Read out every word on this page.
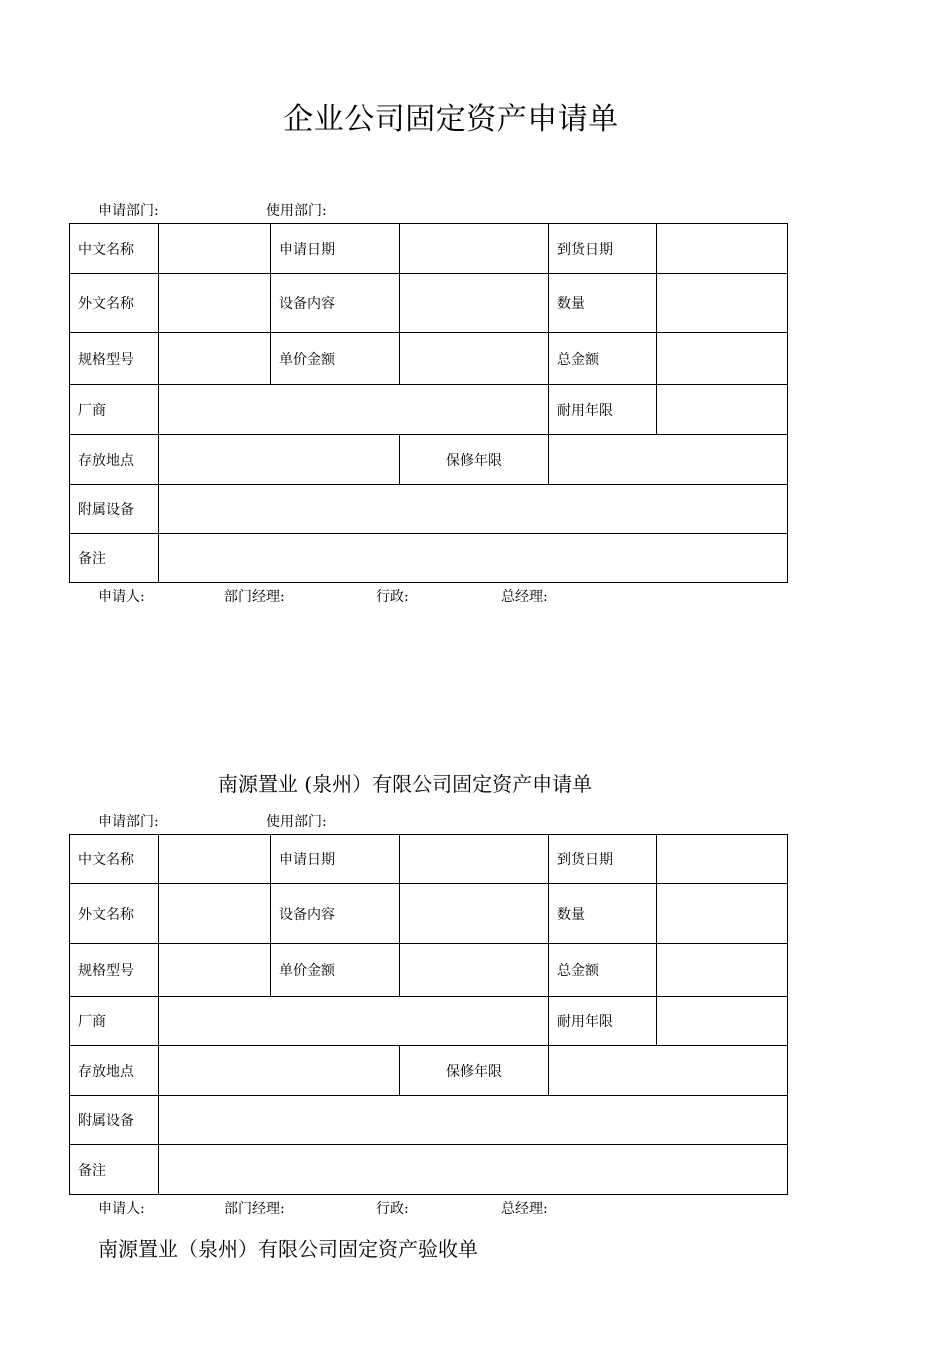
企业公司固定资产申请单
申请部门:	使用部门:
中文名称		申请日期		到货日期	
外文名称		设备内容		数量	
规格型号		单价金额		总金额	
厂商				耐用年限	
存放地点			保修年限		
附属设备					
备注					
申请人:	部门经理:	行政:	总经理:
南源置业 (泉州）有限公司固定资产申请单
申请部门:	使用部门:
中文名称		申请日期		到货日期	
外文名称		设备内容		数量	
规格型号		单价金额		总金额	
厂商				耐用年限	
存放地点			保修年限		
附属设备					
备注					
申请人:	部门经理:	行政:	总经理:
南源置业（泉州）有限公司固定资产验收单
